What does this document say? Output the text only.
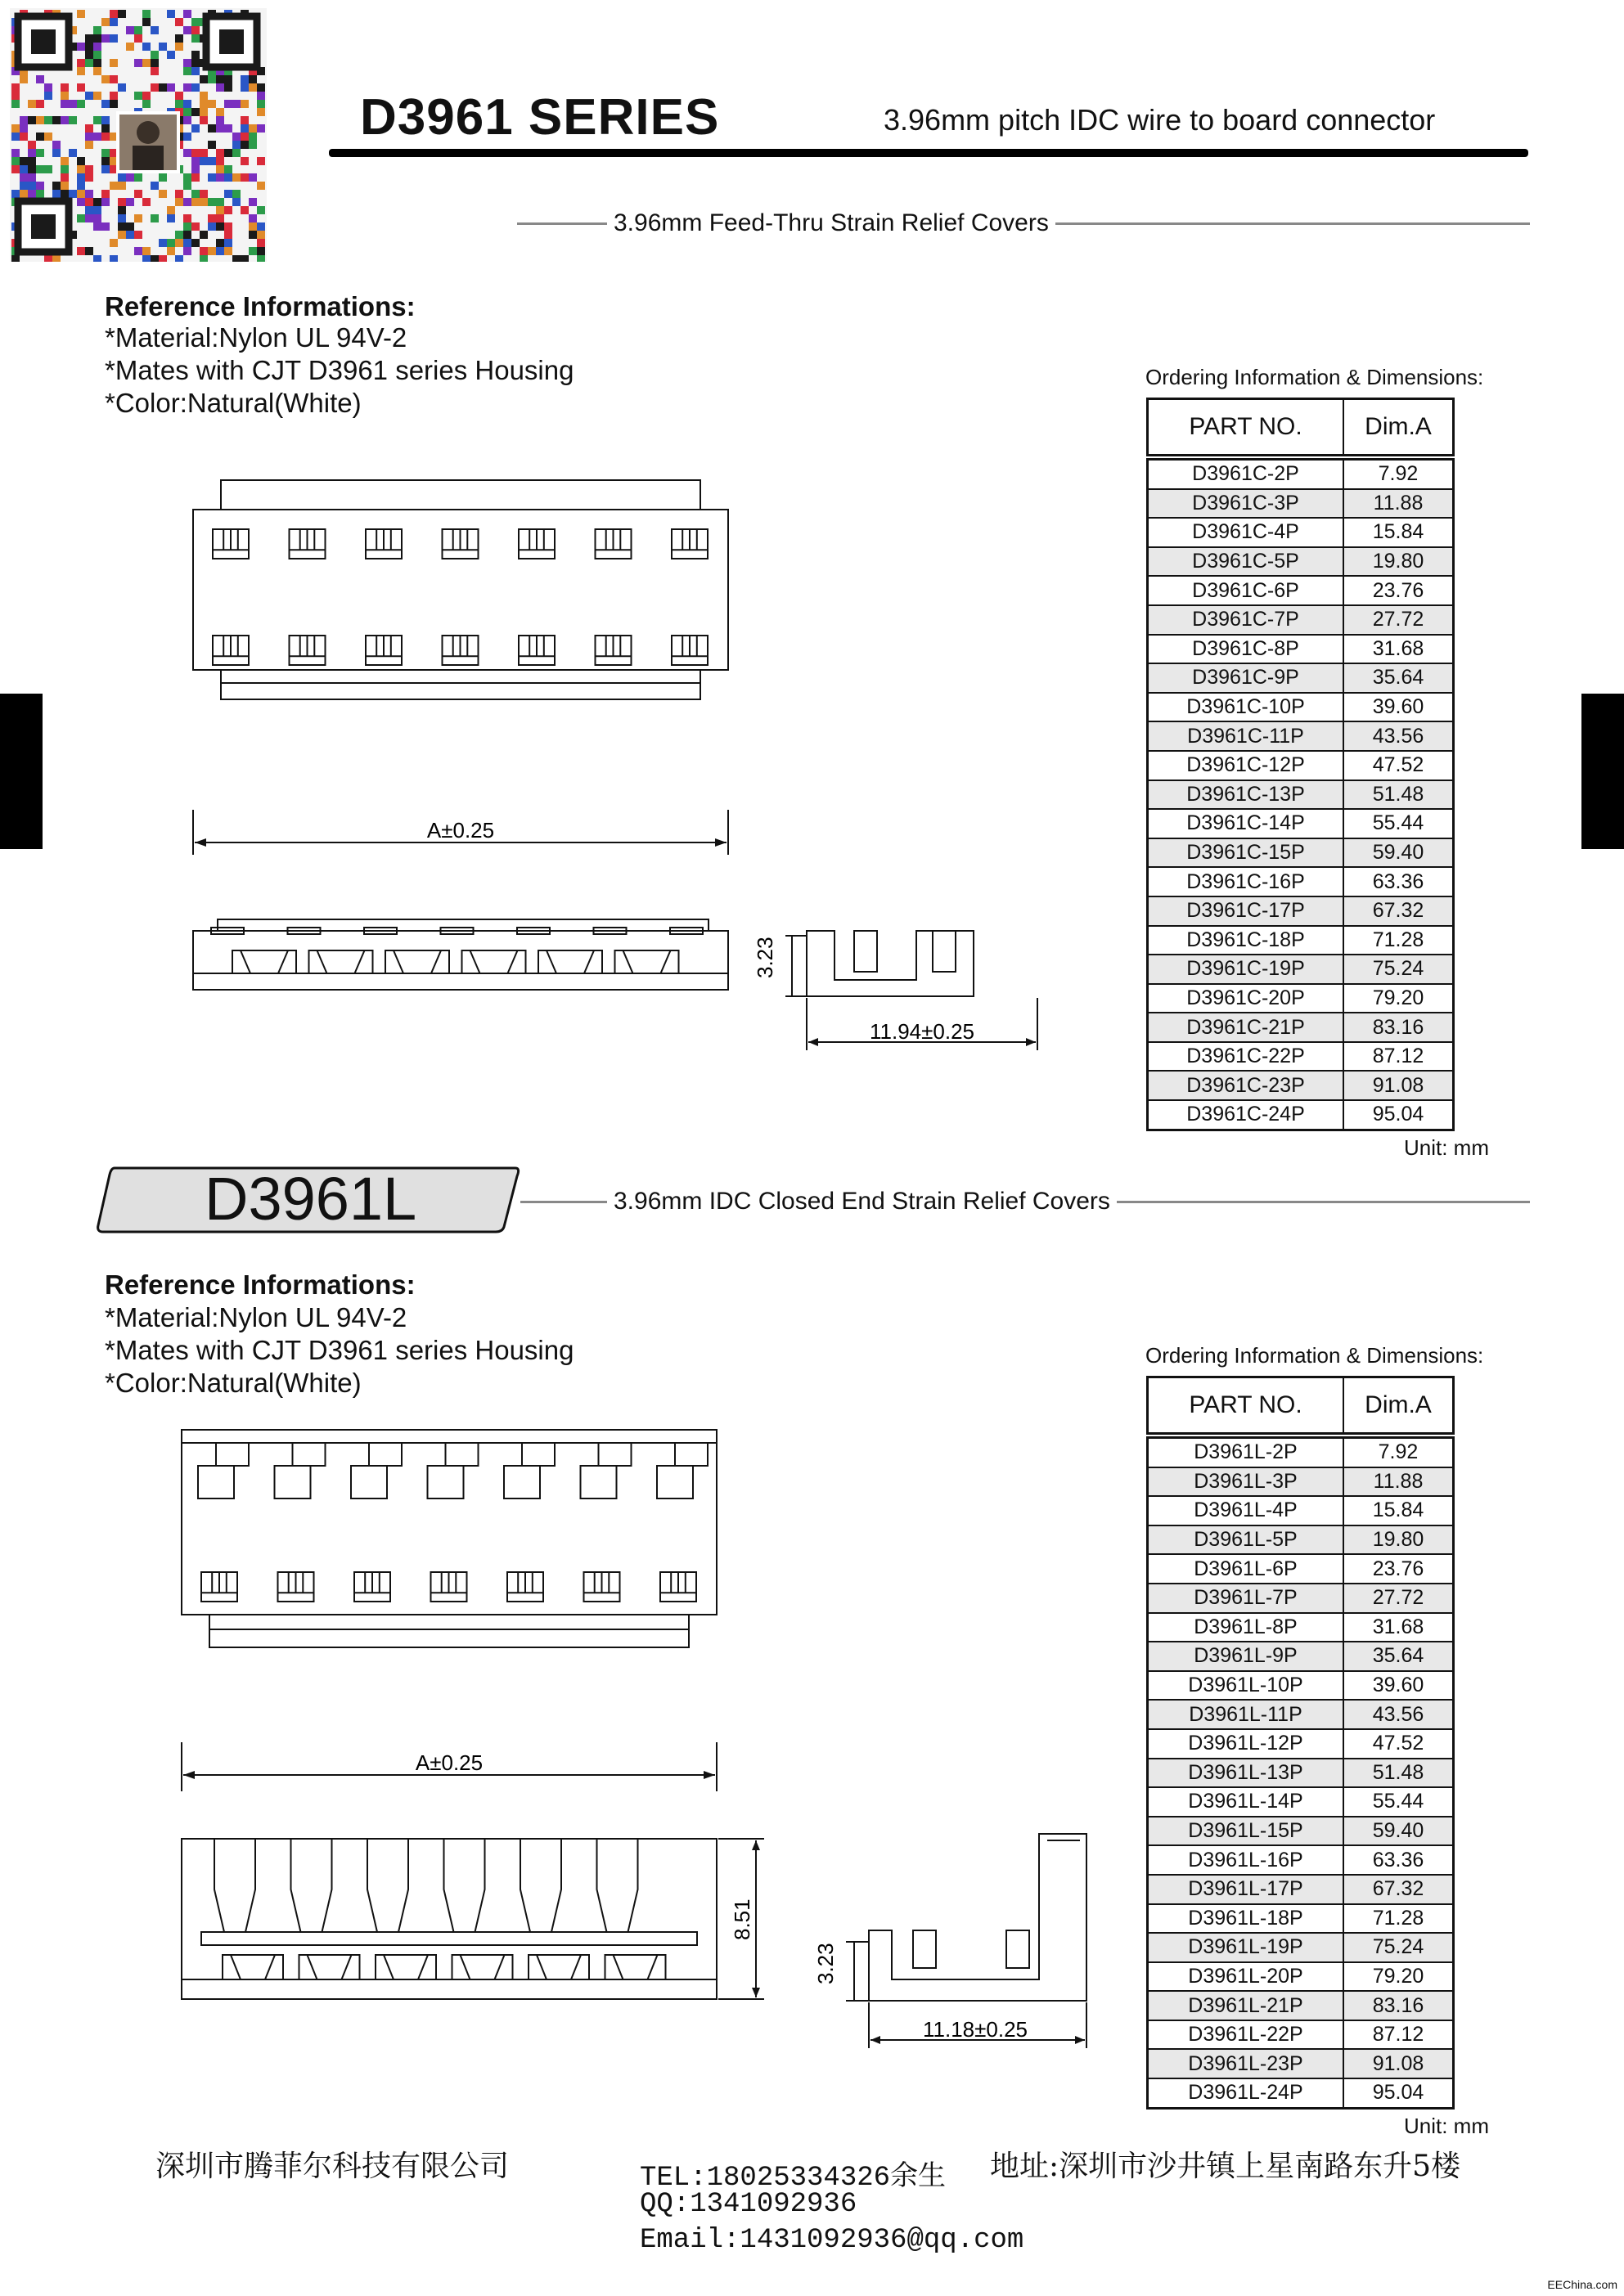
D3961 SERIES	3.96mm pitch IDC wire to board connector
3.96mm Feed-Thru Strain Relief Covers
Reference Informations:
*Material:Nylon UL 94V-2
*Mates with CJT D3961 series Housing
*Color:Natural(White)
A±0.25
3.23
11.94±0.25
Ordering Information & Dimensions:
PART NO.	Dim.A
D3961C-2P	7.92
D3961C-3P	11.88
D3961C-4P	15.84
D3961C-5P	19.80
D3961C-6P	23.76
D3961C-7P	27.72
D3961C-8P	31.68
D3961C-9P	35.64
D3961C-10P	39.60
D3961C-11P	43.56
D3961C-12P	47.52
D3961C-13P	51.48
D3961C-14P	55.44
D3961C-15P	59.40
D3961C-16P	63.36
D3961C-17P	67.32
D3961C-18P	71.28
D3961C-19P	75.24
D3961C-20P	79.20
D3961C-21P	83.16
D3961C-22P	87.12
D3961C-23P	91.08
D3961C-24P	95.04
Unit: mm
D3961L	3.96mm IDC Closed End Strain Relief Covers
Reference Informations:
*Material:Nylon UL 94V-2
*Mates with CJT D3961 series Housing
*Color:Natural(White)
A±0.25
8.51
3.23
11.18±0.25
Ordering Information & Dimensions:
PART NO.	Dim.A
D3961L-2P	7.92
D3961L-3P	11.88
D3961L-4P	15.84
D3961L-5P	19.80
D3961L-6P	23.76
D3961L-7P	27.72
D3961L-8P	31.68
D3961L-9P	35.64
D3961L-10P	39.60
D3961L-11P	43.56
D3961L-12P	47.52
D3961L-13P	51.48
D3961L-14P	55.44
D3961L-15P	59.40
D3961L-16P	63.36
D3961L-17P	67.32
D3961L-18P	71.28
D3961L-19P	75.24
D3961L-20P	79.20
D3961L-21P	83.16
D3961L-22P	87.12
D3961L-23P	91.08
D3961L-24P	95.04
Unit: mm
深圳市腾菲尔科技有限公司	TEL:18025334326余生
QQ:1341092936
Email:1431092936@qq.com
地址:深圳市沙井镇上星南路东升5楼
EEChina.com
